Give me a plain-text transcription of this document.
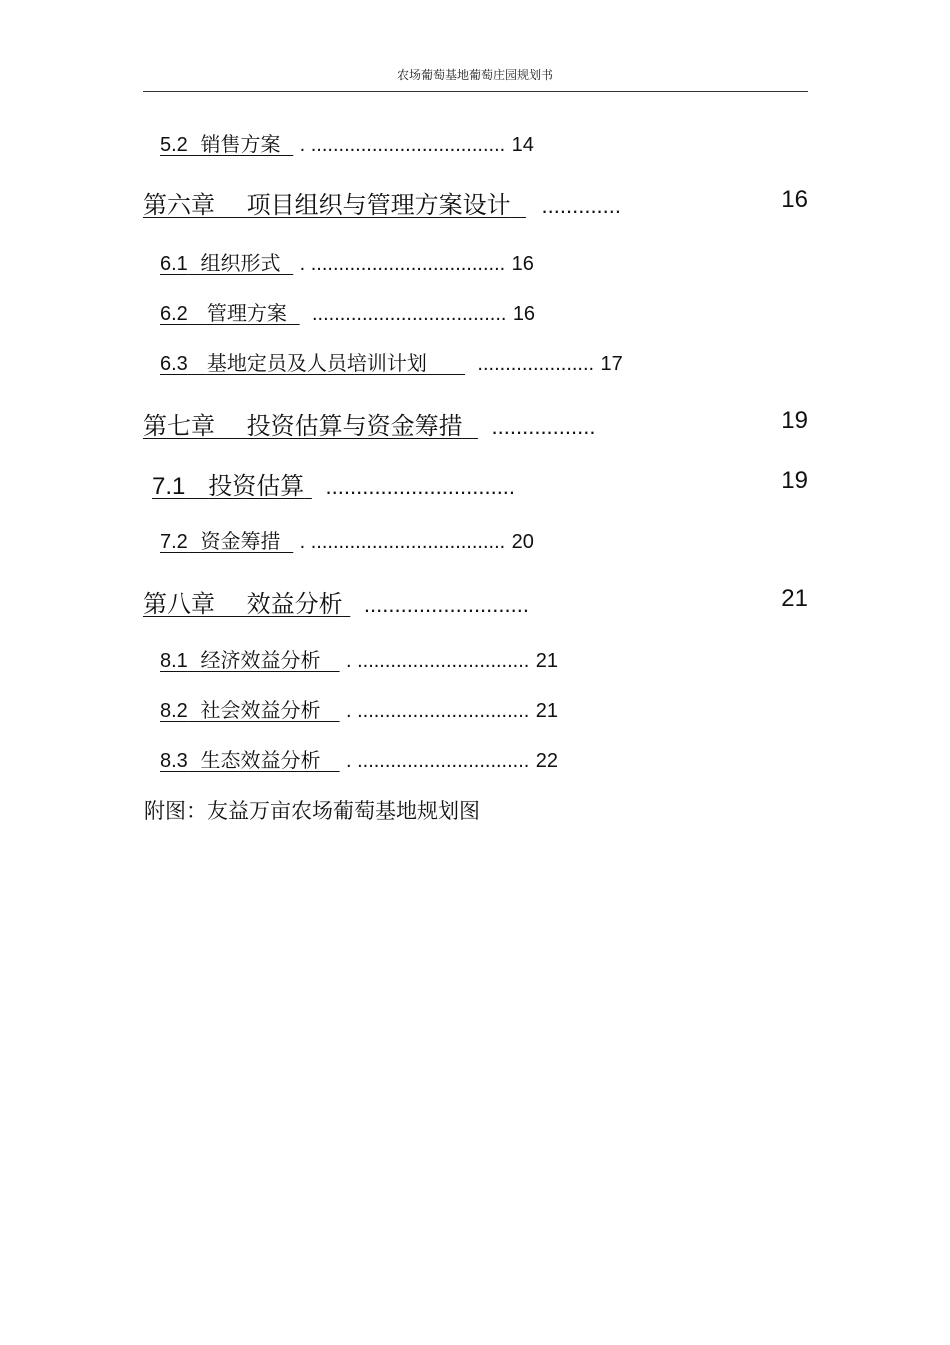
农场葡萄基地葡萄庄园规划书
5.2 销售方案 . ................................... 14
第六章　 项目组织与管理方案设计 .............	16
6.1 组织形式 . ................................... 16
6.2 管理方案 ................................... 16
6.3 基地定员及人员培训计划	..................... 17
第七章　 投资估算与资金筹措 .................	19
7.1 投资估算 ...............................	19
7.2 资金筹措 . ................................... 20
第八章　 效益分析 ...........................	21
8.1 经济效益分析 . ............................... 21
8.2 社会效益分析 . ............................... 21
8.3 生态效益分析 . ............................... 22
附图：友益万亩农场葡萄基地规划图
